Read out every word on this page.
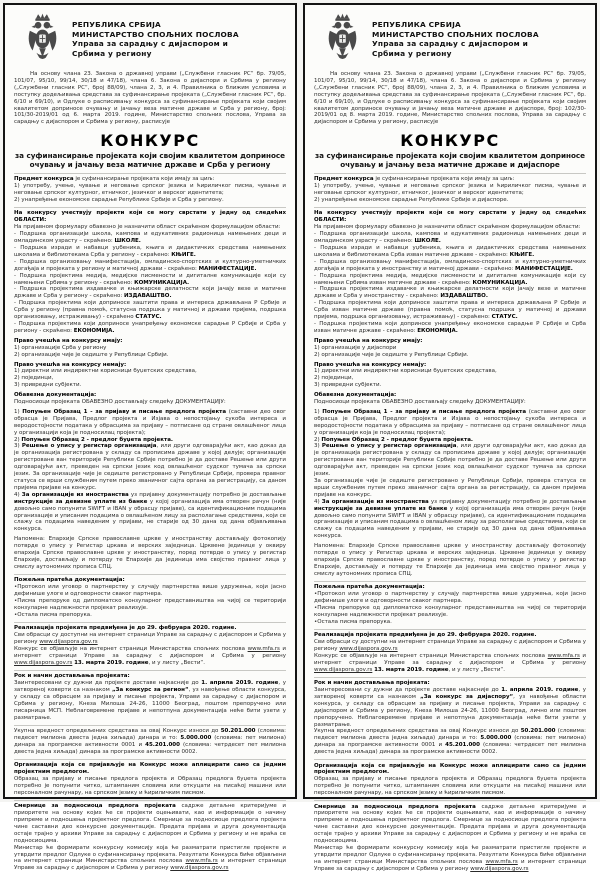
РЕПУБЛИКА СРБИЈА
МИНИСТАРСТВО СПОЉНИХ ПОСЛОВА
Управа за сарадњу с дијаспором и
Србима у региону

На основу члана 23. Закона о државној управи („Службени гласник РС“ бр. 79/05, 101/07, 95/10, 99/14, 30/18 и 47/18), члана 6. Закона о дијаспори и Србима у региону („Службени гласник РС“, број 88/09), члана 2, 3, и 4. Правилника о ближим условима и поступку додељивања средстава за суфинансирање пројеката („Службени гласник РС“, бр. 6/10 и 69/10), и Одлуке о расписивању конкурса за суфинансирање пројеката који својим квалитетом доприносе очувању и јачању веза матичне државе и Срба у региону, број: 101/30-2019/01 од 6. марта 2019. године, Министарство спољних послова, Управа за сарадњу с дијаспором и Србима у региону, расписује

КОНКУРС
за суфинансирање пројеката који својим квалитетом доприносе
очувању и јачању веза матичне државе и Срба у региону
Предмет конкурса је суфинансирање пројеката који имају за циљ:
1) употребу, учење, чување и неговање српског језика и ћириличког писма, чување и неговање српског културног, етничког, језичког и верског идентитета;
2) унапређење економске сарадње Републике Србије и Срба у региону.
На конкурсу учествују пројекти који се могу сврстати у једну од следећих ОБЛАСТИ:
На пријавном формулару обавезно је назначити област скраћеном формулацијом области:
- Подршка организацији школа, кампова и едукативних радионица намењених деци и омладинском узрасту – скраћено: ШКОЛЕ.
- Подршка изради и набавци уџбеника, књига и дидактичких средстава намењених школама и библиотекама Срба у региону - скраћено: КЊИГЕ.
- Подршка организовању манифестација, омладинско-спортских и културно-уметничких догађаја и пројеката у региону и матичној држави - скраћено: МАНИФЕСТАЦИЈЕ.
- Подршка пројектима медија, медијске писмености и дигиталне комуникације који су намењени Србима у региону - скраћено: КОМУНИКАЦИЈА.
- Подршка пројектима издавачке и књижарске делатности који јачају везе и матичне државе и Срба у региону - скраћено: ИЗДАВАШТВО.
- Подршка пројектима који доприносе заштити права и интереса држављана Р Србије и Срба у региону (правна помоћ, статусна подршка у матичној и држави пријема, подршка организовању, истраживању) - скраћено СТАТУС.
- Подршка пројектима који доприносе унапређењу економске сарадње Р Србије и Срба у региону - скраћено: ЕКОНОМИЈА.
Право учешћа на конкурсу имају:
1) организације Срба у региону
2) организације чије је седиште у Републици Србији.
Право учешћа на конкурсу немају:
1) директни или индиректни корисници буџетских средстава,
2) појединци,
3) привредни субјекти.
Обавезна документација:
Подносиоци пројеката ОБАВЕЗНО достављају следећу ДОКУМЕНТАЦИЈУ:
1) Попуњен Образац 1 - за пријаву и писање предлога пројекта (саставни део овог обрасца је Пријава, Предлог пројекта и Изјава о непостојању сукоба интереса и веродостојности података у обрасцима за пријаву – потписане од стране овлашћеног лица у организацији која је подносилац пројекта);
2) Попуњен Образац 2 - предлог буџета пројекта.
3) Решење о упису у регистар организација, или други одговарајући акт, као доказ да је организација регистрована у складу са прописима државе у којој делује; организације регистроване ван територије Републике Србије потребно је да доставе Решење или други одговарајући акт, преведен на српски језик код овлашћеног судског тумача за српски језик. За организације чије је седиште регистровано у Републици Србији, провера правног статуса се врши службеним путем преко званичног сајта органа за регистрацију, са даном пријема пријаве на конкурс.
4) За организације из иностранства уз пријавну документацију потребно је достављање инструкције за девизне уплате из банке у којој организација има отворен рачун (није довољно само попунити SWIFT и IBAN у обрасцу пријаве), са идентификационим подацима организације и уписаним подацима о овлашћеном лицу за располагање средствима, који се слажу са подацима наведеним у пријави, не старије од 30 дана од дана објављивања конкурса.
Напомена: Епархије Српске православне цркве у иностранству достављају фотокопију потврде о упису у Регистар цркава и верских заједница. Црквене јединице у оквиру епархија Српске православне цркве у иностранству, поред потврде о упису у регистар Епархије, достављају и потврду те Епархије да јединица има својство правног лица у смислу аутономних прописа СПЦ.
Пожељна пратећа документација:
•Протокол или уговор о партнерству у случају партнерства више удружења, који јасно дефинише улоге и одговорности сваког партнера.
•Писма препоруке од дипломатско конзуларног представништва на чијој се територији конзуларне надлежности пројекат реализује.
•Остала писма препорука.
Реализација пројеката предвиђена је до 29. фебруара 2020. године.
Сви обрасци су доступни на интернет страници Управе за сарадњу с дијаспором и Србима у региону www.dijaspora.gov.rs
Конкурс се објављује на интернет страници Министарства спољних послова www.mfa.rs и интернет страници Управе за сарадњу с дијаспором и Србима у региону www.dijaspora.gov.rs 13. марта 2019. године, и у листу „Вести“.
Рок и начин достављања пројеката:
Заинтересовани су дужни да пројекте доставе најкасније до 1. априла 2019. године, у затвореној коверти са назнаком „За конкурс за регион“, уз навођење области конкурса, у складу са обрасцем за пријаву и писање пројекта, Управи за сарадњу с дијаспором и Србима у региону, Кнеза Милоша 24-26, 11000 Београд, поштом препоручено или писарница МСП. Неблаговремене пријаве и непотпуна документација неће бити узети у разматрање.
Укупна вредност опредељених средстава за овај Конкурс износи до 50.201.000 (словима: педесет милиона двеста једна хиљада) динара и то: 5.000.000 (словима: пет милиона) динара за програмске активности 0001 и 45.201.000 (словима: четрдесет пет милиона двеста једна хиљада) динара за програмске активности 0002.
Организација која се пријављује на Конкурс може аплицирати само са једним пројектним предлогом.
Образац за пријаву и писање предлога пројекта и Образац предлога буџета пројекта потребно је попунити читко, штампаним словима или откуцати на писаћој машини или персоналном рачунару, на српском језику и ћириличким писмом.
Смернице за подносиоца предлога пројеката садрже детаљне критеријуме и приоритете на основу којих ће се пројекти оцењивати, као и информације о начину припреме и подношења пројектног предлога. Смернице за подносиоце предлога пројекта чине саставни део конкурсне документације. Предата пријава и друга документација остаје трајно у архиви Управе за сарадњу с дијаспором и Србима у региону и не враћа се подносиоцима.
Министар ће формирати конкурсну комисију која ће разматрати пристигле пројекте и утврдити предлог Одлуке о суфинансирању пројеката. Резултати Конкурса биће објављени на интернет страници Министарства спољних послова www.mfa.rs и интернет страници Управе за сарадњу с дијаспором и Србима у региону www.dijaspora.gov.rs
РЕПУБЛИКА СРБИЈА
МИНИСТАРСТВО СПОЉНИХ ПОСЛОВА
Управа за сарадњу с дијаспором и
Србима у региону

На основу члана 23. Закона о државној управи („Службени гласник РС“ бр. 79/05, 101/07, 95/10, 99/14, 30/18 и 47/18), члана 6. Закона о дијаспори и Србима у региону („Службени гласник РС“, број 88/09), члана 2, 3, и 4. Правилника о ближим условима и поступку додељивања средстава за суфинансирање пројеката („Службени гласник РС“, бр. 6/10 и 69/10), и Одлуке о расписивању конкурса за суфинансирање пројеката који својим квалитетом доприносе очувању и јачању веза матичне државе и дијаспоре, број: 102/30-2019/01 од 8. марта 2019. године, Министарство спољних послова, Управа за сарадњу с дијаспором и Србима у региону, расписује

КОНКУРС
за суфинансирање пројеката који својим квалитетом доприносе
очувању и јачању веза матичне државе и дијаспоре
Предмет конкурса је суфинансирање пројеката који имају за циљ:
1) употребу, учење, чување и неговање српског језика и ћириличког писма, чување и неговање српског културног, етничког, језичког и верског идентитета;
2) унапређење економске сарадње Републике Србије и дијаспоре.
На конкурсу учествују пројекти који се могу сврстати у једну од следећих ОБЛАСТИ:
На пријавном формулару обавезно је назначити област скраћеном формулацијом области:
- Подршка организацији школа, кампова и едукативних радионица намењених деци и омладинском узрасту – скраћено: ШКОЛЕ.
- Подршка изради и набавци уџбеника, књига и дидактичких средстава намењених школама и библиотекама Срба изван матичне државе - скраћено: КЊИГЕ.
- Подршка организовању манифестација, омладинско-спортских и културно-уметничких догађаја и пројеката у иностранству и матичној држави - скраћено: МАНИФЕСТАЦИЈЕ.
- Подршка пројектима медија, медијске писмености и дигиталне комуникације који су намењени Србима изван матичне државе - скраћено: КОМУНИКАЦИЈА.
- Подршка пројектима издавачке и књижарске делатности који јачају везе и матичне државе и Срба у иностранству - скраћено: ИЗДАВАШТВО.
- Подршка пројектима који доприносе заштити права и интереса држављана Р Србије и Срба изван матичне државе (правна помоћ, статусна подршка у матичној и држави пријема, подршка организовању, истраживању) - скраћено: СТАТУС.
- Подршка пројектима који доприносе унапређењу економске сарадње Р Србије и Срба изван матичне државе - скраћено: ЕКОНОМИЈА.
Право учешћа на конкурсу имају:
1) организације у дијаспори
2) организације чије је седиште у Републици Србији.
Право учешћа на конкурсу немају:
1) директни или индиректни корисници буџетских средстава,
2) појединци,
3) привредни субјекти.
Обавезна документација:
Подносиоци пројеката ОБАВЕЗНО достављају следећу ДОКУМЕНТАЦИЈУ:
1) Попуњен Образац 1 - за пријаву и писање предлога пројекта (саставни део овог обрасца је Пријава, Предлог пројекта и Изјава о непостојању сукоба интереса и веродостојности података у обрасцима за пријаву – потписане од стране овлашћеног лица у организацији која је подносилац пројекта);
2) Попуњен Образац 2 - предлог буџета пројекта.
3) Решење о упису у регистар организација, или други одговарајући акт, као доказ да је организација регистрована у складу са прописима државе у којој делује; организације регистроване ван територије Републике Србије потребно је да доставе Решење или други одговарајући акт, преведен на српски језик код овлашћеног судског тумача за српски језик.
За организације чије је седиште регистровано у Републици Србији, провера статуса се врши службеним путем преко званичног сајта органа за регистрацију, са даном пријема пријаве на конкурс.
4) За организације из иностранства уз пријавну документацију потребно је достављање инструкције за девизне уплате из банке у којој организација има отворен рачун (није довољно само попунити SWIFT и IBAN у обрасцу пријаве), са идентификационим подацима организације и уписаним подацима о овлашћеном лицу за располагање средствима, који се слажу са подацима наведеним у пријави, не старије од 30 дана од дана објављивања конкурса.
Напомена: Епархије Српске православне цркве у иностранству достављају фотокопију потврде о упису у Регистар цркава и верских заједница. Црквене јединице у оквиру епархија Српске православне цркве у иностранству, поред потврде о упису у регистар Епархије, достављају и потврду те Епархије да јединица има својство правног лица у смислу аутономних прописа СПЦ.
Пожељна пратећа документација:
•Протокол или уговор о партнерству у случају партнерства више удружења, који јасно дефинише улоге и одговорности сваког партнера.
•Писма препоруке од дипломатско конзуларног представништва на чијој се територији конзуларне надлежности пројекат реализује.
•Остала писма препорука.
Реализација пројеката предвиђена је до 29. фебруара 2020. године.
Сви обрасци су доступни на интернет страници Управе за сарадњу с дијаспором и Србима у региону www.dijaspora.gov.rs
Конкурс се објављује на интернет страници Министарства спољних послова www.mfa.rs и интернет страници Управе за сарадњу с дијаспором и Србима у региону www.dijaspora.gov.rs 13. марта 2019. године, и у листу „Вести“.
Рок и начин достављања пројеката:
Заинтересовани су дужни да пројекте доставе најкасније до 1. априла 2019. године, у затвореној коверти са назнаком „За конкурс за дијаспору“, уз навођење области конкурса, у складу са обрасцем за пријаву и писање пројекта, Управи за сарадњу с дијаспором и Србима у региону, Кнеза Милоша 24-26, 11000 Београд, лично или поштом препоручено. Неблаговремене пријаве и непотпуна документација неће бити узети у разматрање.
Укупна вредност опредељених средстава за овај Конкурс износи до 50.201.000 (словима: педесет милиона двеста једна хиљада) динара и то: 5.000.000 (словима: пет милиона) динара за програмске активности 0001 и 45.201.000 (словима: четрдесет пет милиона двеста једна хиљада) динара за програмске активности 0002.
Организација која се пријављује на Конкурс може аплицирати само са једним пројектним предлогом.
Образац за пријаву и писање предлога пројекта и Образац предлога буџета пројекта потребно је попунити читко, штампаним словима или откуцати на писаћој машини или персоналном рачунару, на српском језику и ћириличким писмом.
Смернице за подносиоца предлога пројеката садрже детаљне критеријуме и приоритете на основу којих ће се пројекти оцењивати, као и информације о начину припреме и подношења пројектног предлога. Смернице за подносиоце предлога пројекта чине саставни део конкурсне документације. Предата пријава и друга документација остаје трајно у архиви Управе за сарадњу с дијаспором и Србима у региону и не враћа се подносиоцима.
Министар ће формирати конкурсну комисију која ће разматрати пристигле пројекте и утврдити предлог Одлуке о суфинансирању пројеката. Резултати Конкурса биће објављени на интернет страници Министарства спољних послова www.mfa.rs и интернет страници Управе за сарадњу с дијаспором и Србима у региону www.dijaspora.gov.rs
